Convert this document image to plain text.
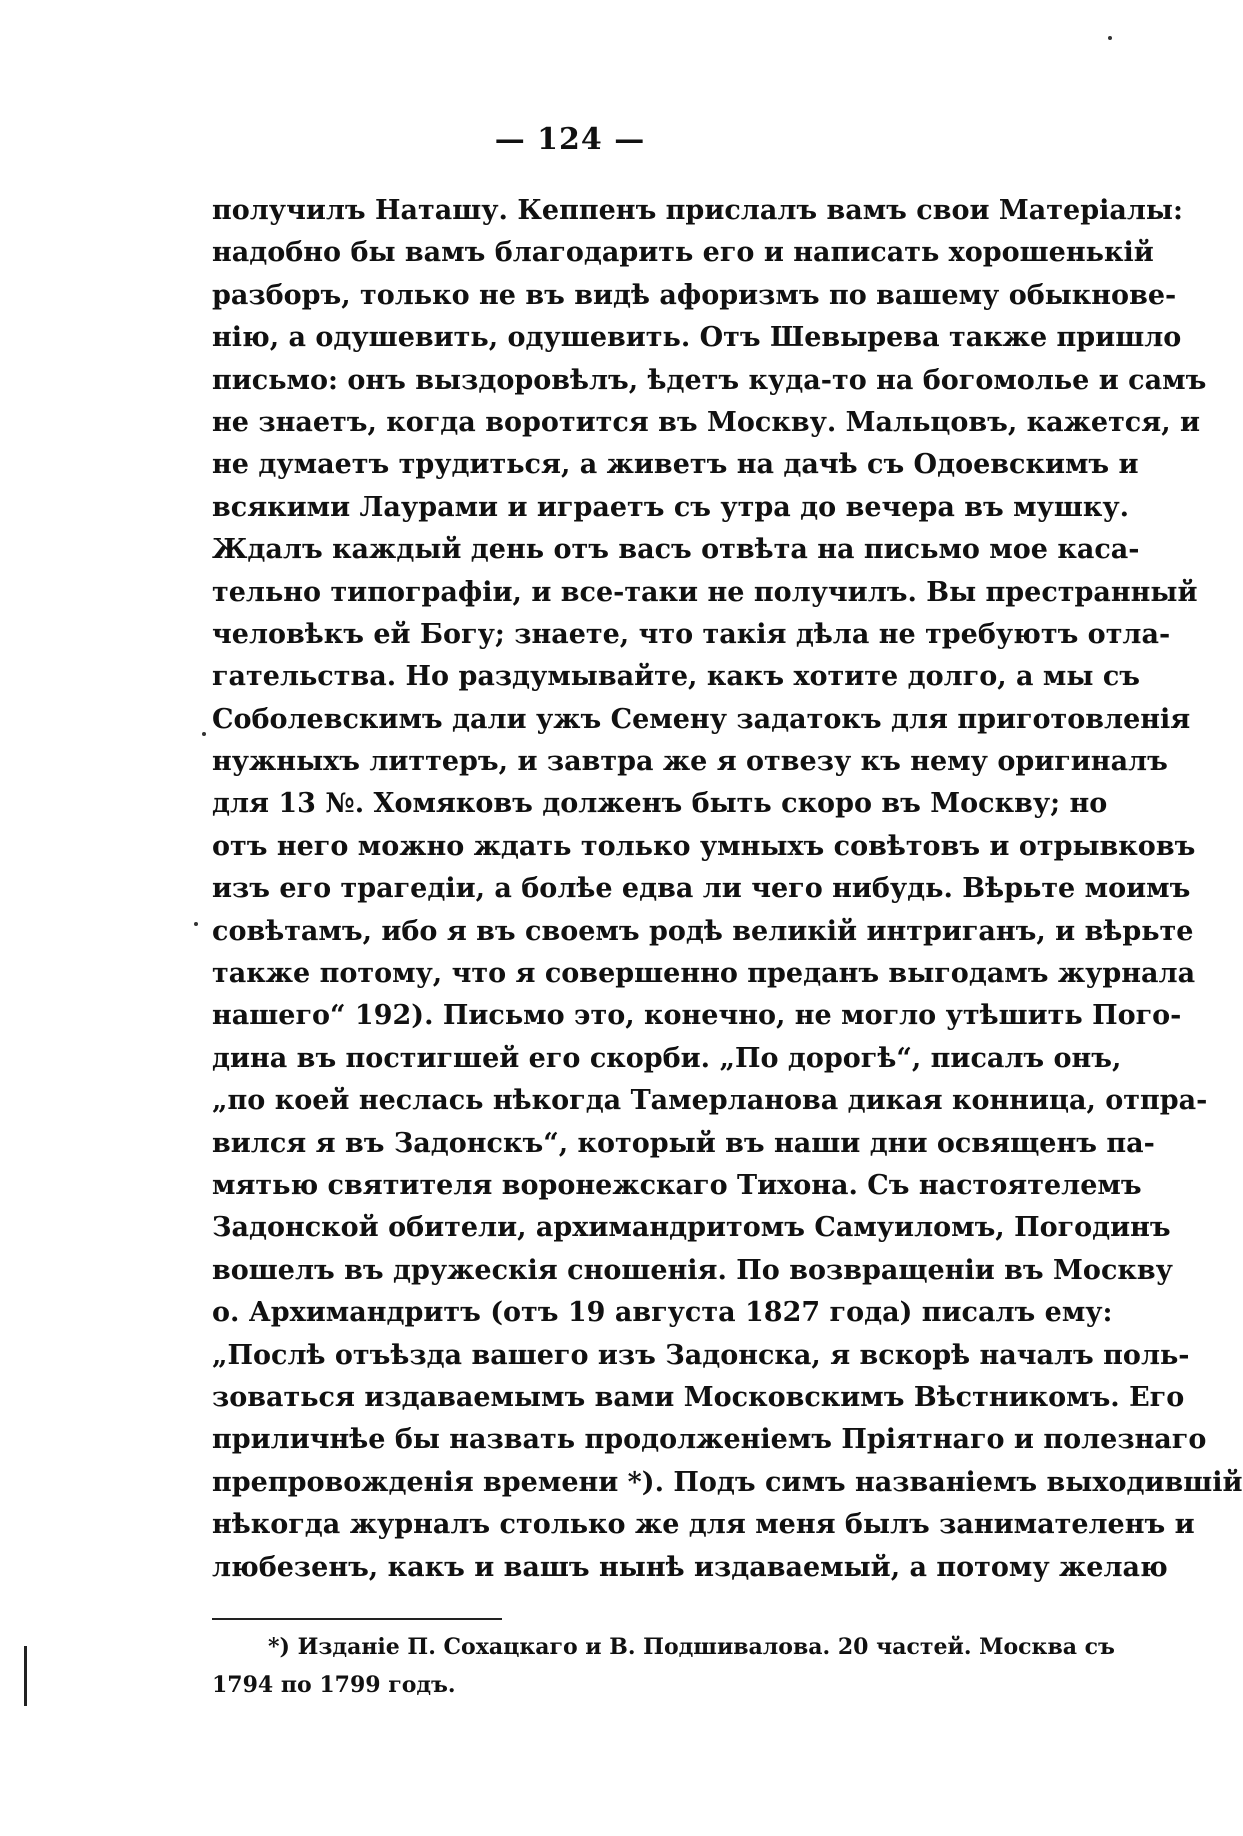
— 124 —
получилъ Наташу. Кеппенъ прислалъ вамъ свои Матеріалы:
надобно бы вамъ благодарить его и написать хорошенькій
разборъ, только не въ видѣ афоризмъ по вашему обыкнове-
нію, а одушевить, одушевить. Отъ Шевырева также пришло
письмо: онъ выздоровѣлъ, ѣдетъ куда-то на богомолье и самъ
не знаетъ, когда воротится въ Москву. Мальцовъ, кажется, и
не думаетъ трудиться, а живетъ на дачѣ съ Одоевскимъ и
всякими Лаурами и играетъ съ утра до вечера въ мушку.
Ждалъ каждый день отъ васъ отвѣта на письмо мое каса-
тельно типографіи, и все-таки не получилъ. Вы престранный
человѣкъ ей Богу; знаете, что такія дѣла не требуютъ отла-
гательства. Но раздумывайте, какъ хотите долго, а мы съ
Соболевскимъ дали ужъ Семену задатокъ для приготовленія
нужныхъ литтеръ, и завтра же я отвезу къ нему оригиналъ
для 13 №. Хомяковъ долженъ быть скоро въ Москву; но
отъ него можно ждать только умныхъ совѣтовъ и отрывковъ
изъ его трагедіи, а болѣе едва ли чего нибудь. Вѣрьте моимъ
совѣтамъ, ибо я въ своемъ родѣ великій интриганъ, и вѣрьте
также потому, что я совершенно преданъ выгодамъ журнала
нашего“ 192). Письмо это, конечно, не могло утѣшить Пого-
дина въ постигшей его скорби. „По дорогѣ“, писалъ онъ,
„по коей неслась нѣкогда Тамерланова дикая конница, отпра-
вился я въ Задонскъ“, который въ наши дни освященъ па-
мятью святителя воронежскаго Тихона. Съ настоятелемъ
Задонской обители, архимандритомъ Самуиломъ, Погодинъ
вошелъ въ дружескія сношенія. По возвращеніи въ Москву
о. Архимандритъ (отъ 19 августа 1827 года) писалъ ему:
„Послѣ отъѣзда вашего изъ Задонска, я вскорѣ началъ поль-
зоваться издаваемымъ вами Московскимъ Вѣстникомъ. Его
приличнѣе бы назвать продолженіемъ Пріятнаго и полезнаго
препровожденія времени *). Подъ симъ названіемъ выходившій
нѣкогда журналъ столько же для меня былъ занимателенъ и
любезенъ, какъ и вашъ нынѣ издаваемый, а потому желаю
*) Изданіе П. Сохацкаго и В. Подшивалова. 20 частей. Москва съ
1794 по 1799 годъ.
